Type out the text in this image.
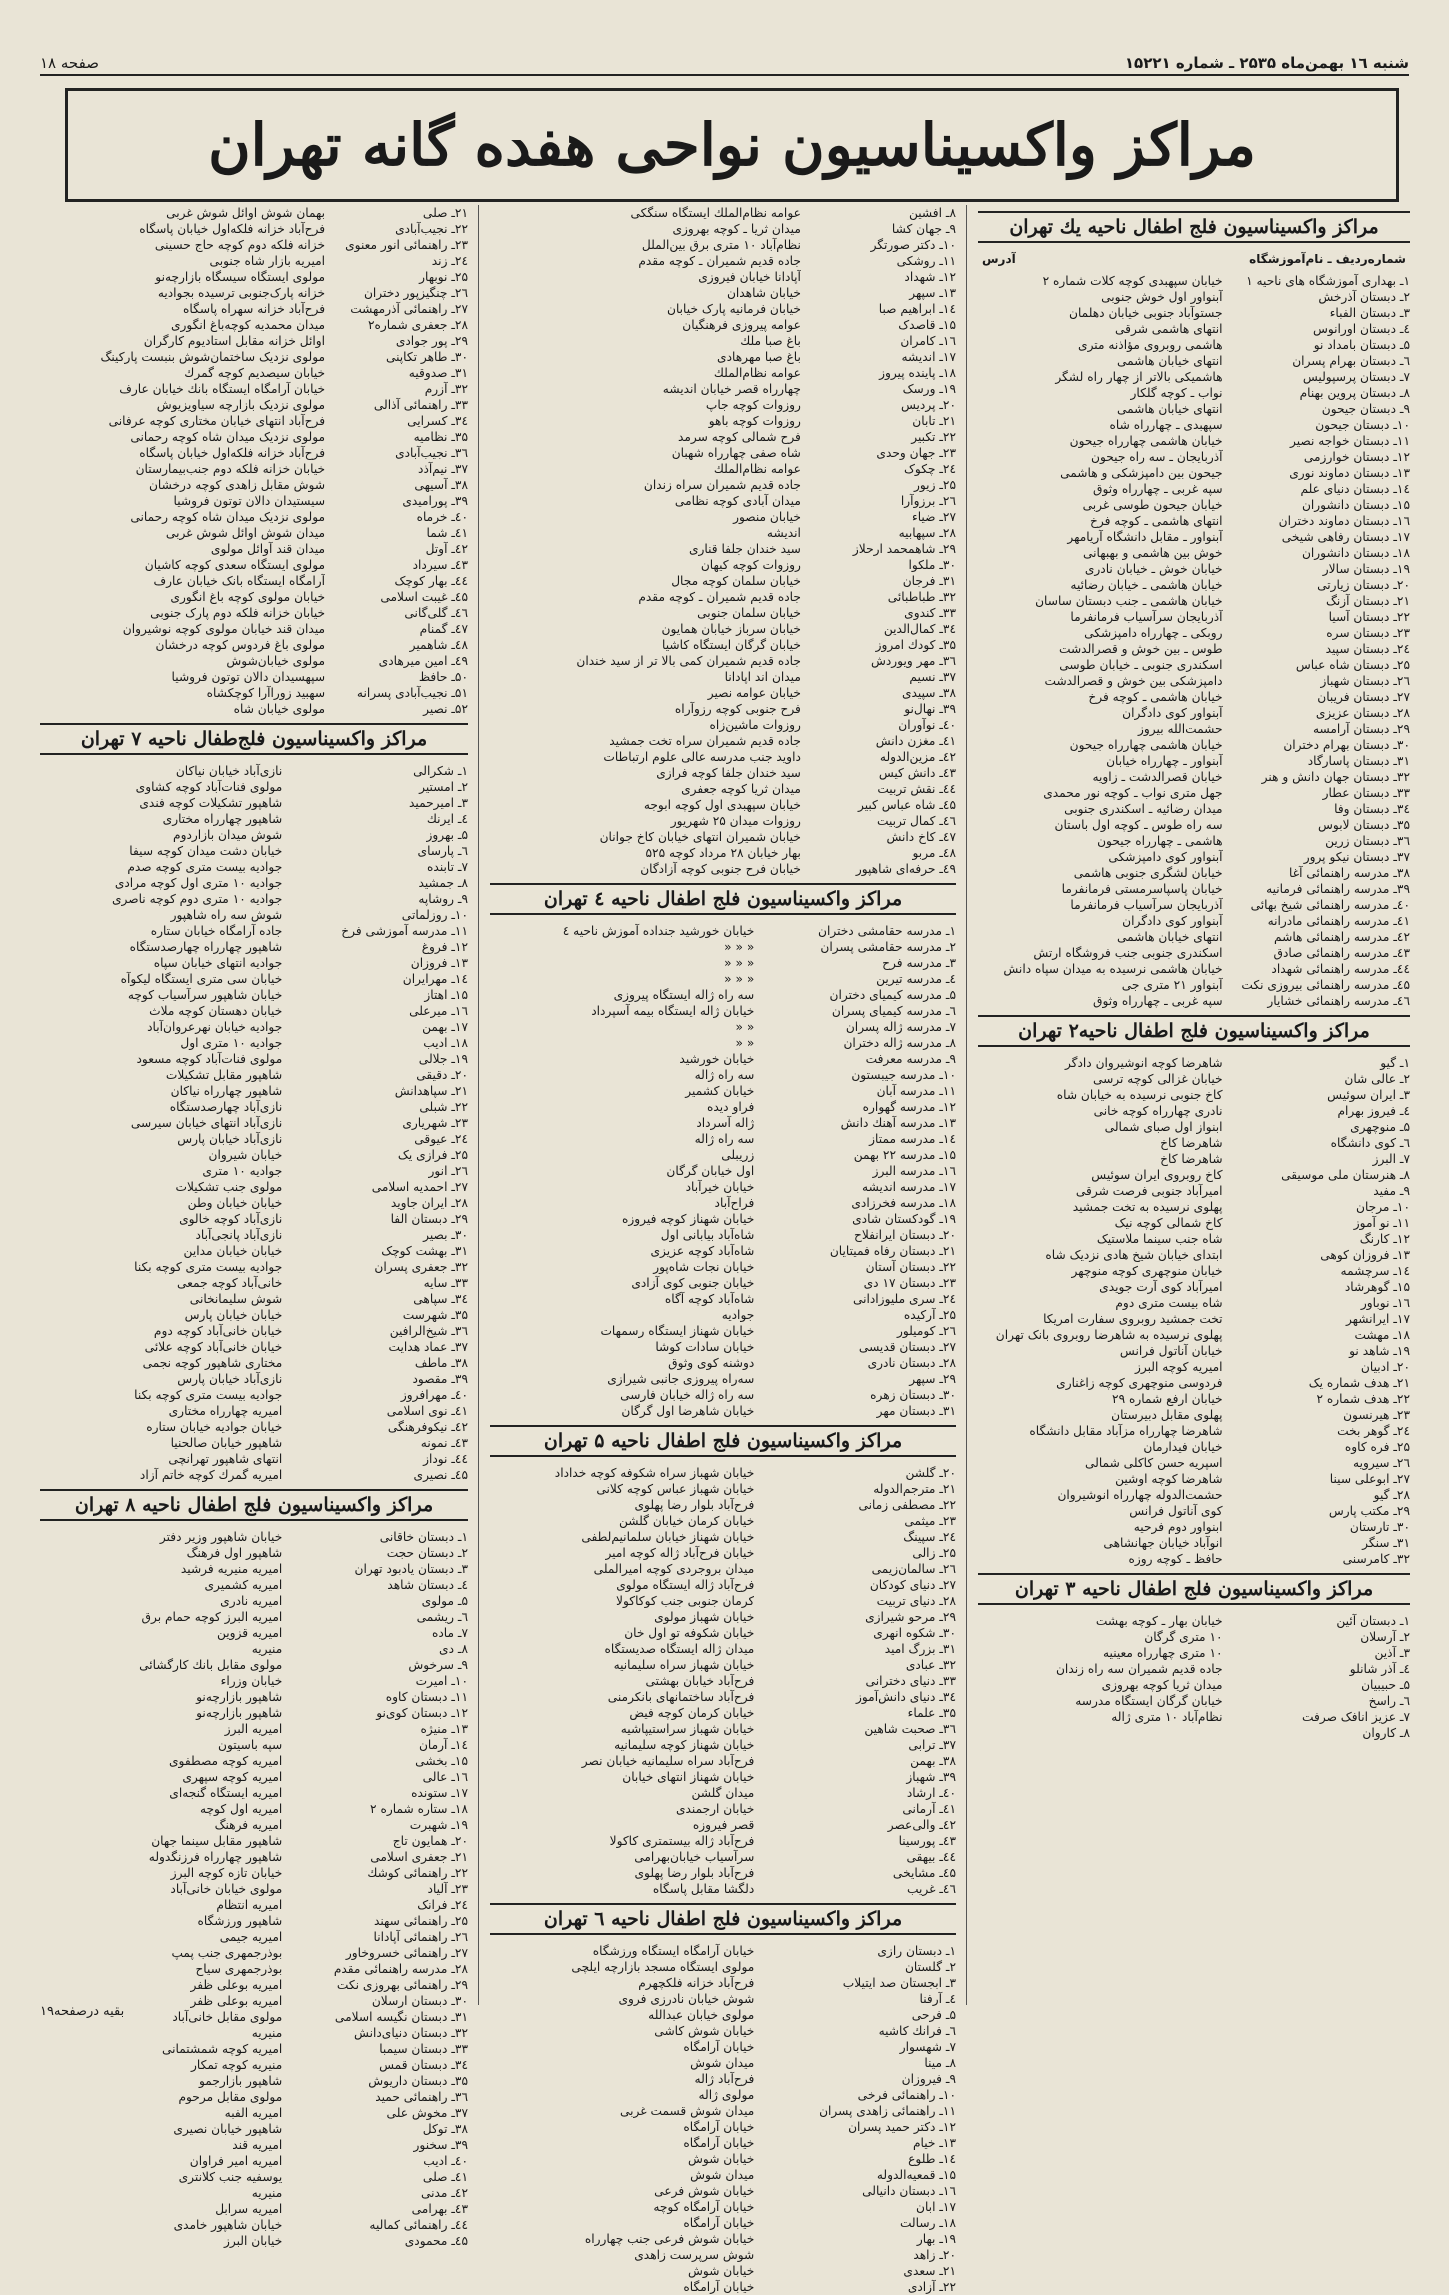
صفحه ۱۸	شنبه ۱٦ بهمن‌ماه ۲۵۳۵ ـ شماره ۱۵۲۲۱
مراکز واکسیناسیون نواحی هفده گانه تهران
مراکز واکسیناسیون فلج اطفال ناحیه یك تهران
شماره‌ردیف ـ نام‌آموزشگاه
آدرس
۱ـ بهداری آموزشگاه های ناحیه ۱
خیابان سپهبدی کوچه کلات شماره ۲
۲ـ دبستان آذرخش
آبنواور اول خوش جنوبی
۳ـ دبستان الفباء
جستوآباد جنوبی خیابان دهلمان
٤ـ دبستان اورانوس
انتهای هاشمی شرقی
۵ـ دبستان بامداد نو
هاشمی روبروی مؤاذنه متری
٦ـ دبستان بهرام پسران
انتهای خیابان هاشمی
۷ـ دبستان پرسپولیس
هاشمیکی بالاتر از چهار راه لشگر
۸ـ دبستان پروین بهنام
نواب ـ کوچه گلکار
۹ـ دبستان جیحون
انتهای خیابان هاشمی
۱۰ـ دبستان جیحون
سپهبدی ـ چهارراه شاه
۱۱ـ دبستان خواجه نصیر
خیابان هاشمی چهارراه جیحون
۱۲ـ دبستان خوارزمی
آذربایجان ـ سه راه جیحون
۱۳ـ دبستان دماوند نوری
جیحون بین دامپزشکی و هاشمی
۱٤ـ دبستان دنیای علم
سپه غربی ـ چهارراه وثوق
۱۵ـ دبستان دانشوران
خیابان جیحون طوسی غربی
۱٦ـ دبستان دماوند دختران
انتهای هاشمی ـ کوچه فرخ
۱۷ـ دبستان رفاهی شیخی
آبنواور ـ مقابل دانشگاه آریامهر
۱۸ـ دبستان دانشوران
خوش بین هاشمی و بهبهانی
۱۹ـ دبستان سالار
خیابان خوش ـ خیابان نادری
۲۰ـ دبستان زیارتی
خیابان هاشمی ـ خیابان رضائیه
۲۱ـ دبستان آزنگ
خیابان هاشمی ـ جنب دبستان ساسان
۲۲ـ دبستان آسیا
آذربایجان سرآسیاب فرمانفرما
۲۳ـ دبستان سره
روبکی ـ چهارراه دامپزشکی
۲٤ـ دبستان سپید
طوس ـ بین خوش و قصرالدشت
۲۵ـ دبستان شاه عباس
اسکندری جنوبی ـ خیابان طوسی
۲٦ـ دبستان شهباز
دامپزشکی بین خوش و قصرالدشت
۲۷ـ دبستان فریبان
خیابان هاشمی ـ کوچه فرخ
۲۸ـ دبستان عزیزی
آبنواور کوی دادگران
۲۹ـ دبستان آرامسه
حشمت‌الله بیروز
۳۰ـ دبستان بهرام دختران
خیابان هاشمی چهارراه جیحون
۳۱ـ دبستان پاسارگاد
آبنواور ـ چهارراه خیابان
۳۲ـ دبستان جهان دانش و هنر
خیابان قصرالدشت ـ زاویه
۳۳ـ دبستان عطار
جهل متری نواب ـ کوچه نور محمدی
۳٤ـ دبستان وفا
میدان رضائیه ـ اسکندری جنوبی
۳۵ـ دبستان لابوس
سه راه طوس ـ کوچه اول باستان
۳٦ـ دبستان زرین
هاشمی ـ چهارراه جیحون
۳۷ـ دبستان نیکو پرور
آبنواور کوی دامپزشکی
۳۸ـ مدرسه راهنمائی آغا
خیابان لشگری جنوبی هاشمی
۳۹ـ مدرسه راهنمائی فرمانیه
خیابان پاسپاسرمستی فرمانفرما
٤۰ـ مدرسه راهنمائی شیخ بهائی
آذربایجان سرآسیاب فرمانفرما
٤۱ـ مدرسه راهنمائی مادرانه
آبنواور کوی دادگران
٤۲ـ مدرسه راهنمائی هاشم
انتهای خیابان هاشمی
٤۳ـ مدرسه راهنمائی صادق
اسکندری جنوبی جنب فروشگاه ارتش
٤٤ـ مدرسه راهنمائی شهداد
خیابان هاشمی نرسیده به میدان سپاه دانش
٤۵ـ مدرسه راهنمائی بیروزی نکت
آبنواور ۲۱ متری جی
٤٦ـ مدرسه راهنمائی خشایار
سپه غربی ـ چهارراه وثوق
مراکز واکسیناسیون فلج اطفال ناحیه۲ تهران
۱ـ گیو
شاهرضا کوچه انوشیروان دادگر
۲ـ عالی شان
خیابان غزالی کوچه ترسی
۳ـ ایران سوئیس
کاخ جنوبی نرسیده به خیابان شاه
٤ـ فیروز بهرام
نادری چهارراه کوچه خانی
۵ـ منوچهری
ابنواز اول صبای شمالی
٦ـ کوی دانشگاه
شاهرضا کاخ
۷ـ البرز
شاهرضا کاخ
۸ـ هنرستان ملی موسیقی
کاخ روبروی ایران سوئیس
۹ـ مفید
امیرآباد جنوبی فرصت شرقی
۱۰ـ مرجان
پهلوی نرسیده به تخت جمشید
۱۱ـ نو آموز
کاخ شمالی کوچه نیک
۱۲ـ کارنگ
شاه جنب سینما ملاستیک
۱۳ـ فروزان کوهی
ابتدای خیابان شیخ هادی نزدیک شاه
۱٤ـ سرچشمه
خیابان منوچهری کوچه منوچهر
۱۵ـ گوهرشاد
امیرآباد کوی آرت جویدی
۱٦ـ نوباور
شاه بیست متری دوم
۱۷ـ ایرانشهر
تخت جمشید روبروی سفارت امریکا
۱۸ـ مهشت
پهلوی نرسیده به شاهرضا روبروی بانک تهران
۱۹ـ شاهد نو
خیابان آناتول فرانس
۲۰ـ ادبیان
امیریه کوچه البرز
۲۱ـ هدف شماره یک
فردوسی منوچهری کوچه زاغناری
۲۲ـ هدف شماره ۲
خیابان ارفع شماره ۲۹
۲۳ـ هیرنسون
پهلوی مقابل دبیرستان
۲٤ـ گوهر بخت
شاهرضا چهارراه مزآباد مقابل دانشگاه
۲۵ـ فره کاوه
خیابان فیدارمان
۲٦ـ سیرویه
اسپریه حسن کاکلی شمالی
۲۷ـ ابوعلی سینا
شاهرضا کوچه اوشین
۲۸ـ گیو
حشمت‌الدوله چهارراه انوشیروان
۲۹ـ مکتب پارس
کوی آناتول فرانس
۳۰ـ تارستان
ابنواور دوم فرحیه
۳۱ـ سنگر
انوآباد خیابان جهانشاهی
۳۲ـ کامرسنی
حافظ ـ کوچه روزه
مراکز واکسیناسیون فلج اطفال ناحیه ۳ تهران
۱ـ دبستان آئین
خیابان بهار ـ کوچه بهشت
۲ـ آرسلان
۱۰ متری گرگان
۳ـ آذین
۱۰ متری چهارراه معینیه
٤ـ آذر شانلو
جاده قدیم شمیران سه راه زندان
۵ـ حبیبیان
میدان ثریا کوچه بهروزی
٦ـ راسخ
خیابان گرگان ایستگاه مدرسه
۷ـ عزیز انافک صرفت
نظام‌آباد ۱۰ متری ژاله
۸ـ کاروان
۸ـ افشین
عوامه نظام‌الملك ایستگاه سنگکی
۹ـ جهان کشا
میدان ثریا ـ کوچه بهروزی
۱۰ـ دکتر صورتگر
نظام‌آباد ۱۰ متری برق بین‌الملل
۱۱ـ روشکی
جاده قدیم شمیران ـ کوچه مقدم
۱۲ـ شهداد
آپادانا خیابان فیروزی
۱۳ـ سپهر
خیابان شاهدان
۱٤ـ ابراهیم صبا
خیابان فرمانیه پارک خیابان
۱۵ـ قاصدک
عوامه پیروزی فرهنگیان
۱٦ـ کامران
باغ صبا ملك
۱۷ـ اندیشه
باغ صبا مهرهادی
۱۸ـ پاینده پیروز
عوامه نظام‌الملك
۱۹ـ ورسک
چهارراه قصر خیابان اندیشه
۲۰ـ پردیس
روزوات کوچه جاپ
۲۱ـ تابان
روزوات کوچه باهو
۲۲ـ تکبیر
فرح شمالی کوچه سرمد
۲۳ـ جهان وحدی
شاه صفی چهارراه شهبان
۲٤ـ چکوک
عوامه نظام‌الملك
۲۵ـ زیور
جاده قدیم شمیران سراه زندان
۲٦ـ برزوآرا
میدان آبادی کوچه نظامی
۲۷ـ ضیاء
خیابان منصور
۲۸ـ سپهابیه
اندیشه
۲۹ـ شاهمحمد ارحلاز
سید خندان جلفا قناری
۳۰ـ ملکوا
روزوات کوچه کیهان
۳۱ـ فرجان
خیابان سلمان کوچه مجال
۳۲ـ طباطبائی
جاده قدیم شمیران ـ کوچه مقدم
۳۳ـ کندوی
خیابان سلمان جنوبی
۳٤ـ کمال‌الدین
خیابان سرباز خیابان همایون
۳۵ـ کودك امروز
خیابان گرگان ایستگاه کاشیا
۳٦ـ مهر ویوردش
جاده قدیم شمیران کمی بالا تر از سید خندان
۳۷ـ نسیم
میدان اند اپادانا
۳۸ـ سپیدی
خیابان عوامه نصیر
۳۹ـ نهال‌نو
فرح جنوبی کوچه رزوآراه
٤۰ـ نوآوران
روزوات ماشین‌زاه
٤۱ـ مغزن دانش
جاده قدیم شمیران سراه تخت جمشید
٤۲ـ مزین‌الدوله
داوید جنب مدرسه عالی علوم ارتباطات
٤۳ـ دانش کیس
سید خندان جلفا کوچه فرازی
٤٤ـ نقش تربیت
میدان ثریا کوچه جعفری
٤۵ـ شاه عباس کبیر
خیابان سپهبدی اول کوچه ابوجه
٤٦ـ کمال تربیت
روزوات میدان ۲۵ شهریور
٤۷ـ کاخ دانش
خیابان شمیران انتهای خیابان کاخ جوانان
٤۸ـ مربو
بهار خیابان ۲۸ مرداد کوچه ۵۲۵
٤۹ـ حرفه‌ای شاهپور
خیابان فرح جنوبی کوچه آزادگان
مراکز واکسیناسیون فلج اطفال ناحیه ٤ تهران
۱ـ مدرسه حقامشی دختران
خیابان خورشید جنداده آموزش ناحیه ٤
۲ـ مدرسه حقامشی پسران
« « «
۳ـ مدرسه فرح
« « «
٤ـ مدرسه تیرین
« « «
۵ـ مدرسه کیمیای دختران
سه راه ژاله ایستگاه پیروزی
٦ـ مدرسه کیمیای پسران
خیابان ژاله ایستگاه بیمه آسپرداد
۷ـ مدرسه ژاله پسران
« «
۸ـ مدرسه ژاله دختران
« «
۹ـ مدرسه معرفت
خیابان خورشید
۱۰ـ مدرسه جیبستون
سه راه ژاله
۱۱ـ مدرسه آبان
خیابان کشمیر
۱۲ـ مدرسه گهواره
فراو دیده
۱۳ـ مدرسه آهنك دانش
ژاله آسرداد
۱٤ـ مدرسه ممتاز
سه راه ژاله
۱۵ـ مدرسه ۲۲ بهمن
زریبلی
۱٦ـ مدرسه البرز
اول خیابان گرگان
۱۷ـ مدرسه اندیشه
خیابان خیرآباد
۱۸ـ مدرسه فخرزادی
فراح‌آباد
۱۹ـ گودکستان شادی
خیابان شهناز کوچه فیروزه
۲۰ـ دبستان ایرانفلاح
شاه‌آباد بیابانی اول
۲۱ـ دبستان رفاه فمیتایان
شاه‌آباد کوچه عزیزی
۲۲ـ دبستان آستان
خیابان نجات شاه‌پور
۲۳ـ دبستان ۱۷ دی
خیابان جنوبی کوی آزادی
۲٤ـ سری ملیوزادانی
شاه‌آباد کوچه آگاه
۲۵ـ آرکیده
جوادیه
۲٦ـ کومیلور
خیابان شهناز ایستگاه رسمهات
۲۷ـ دبستان قدیسی
خیابان سادات کوشا
۲۸ـ دبستان نادری
دوشنه کوی وثوق
۲۹ـ سپهر
سه‌راه پیروزی جانبی شیرازی
۳۰ـ دبستان زهره
سه راه ژاله خیابان فارسی
۳۱ـ دبستان مهر
خیابان شاهرضا اول گرگان
مراکز واکسیناسیون فلج اطفال ناحیه ۵ تهران
۲۰ـ گلشن
خیابان شهباز سراه شکوفه کوچه خداداد
۲۱ـ مترجم‌الدوله
خیابان شهباز عباس کوچه کلانی
۲۲ـ مصطفی زمانی
فرح‌آباد بلوار رضا پهلوی
۲۳ـ میثمی
خیابان کرمان خیابان گلشن
۲٤ـ سپینگ
خیابان شهناز خیابان سلمانیم‌لطفی
۲۵ـ زالی
خیابان فرح‌آباد ژاله کوچه امیر
۲٦ـ سالمان‌زیمی
میدان بروجردی کوچه امیرالملی
۲۷ـ دنیای کودکان
فرح‌آباد ژاله ایستگاه مولوی
۲۸ـ دنیای تربیت
کرمان جنوبی جنب کوکاکولا
۲۹ـ مرحو شیرازی
خیابان شهباز مولوی
۳۰ـ شکوه انهری
خیابان شکوفه تو اول خان
۳۱ـ بزرگ امید
میدان ژاله ایستگاه صدیستگاه
۳۲ـ عبادی
خیابان شهباز سراه سلیمانیه
۳۳ـ دنیای دخترانی
فرح‌آباد خیابان بهشتی
۳٤ـ دنیای دانش‌آموز
فرح‌آباد ساختمانهای بانکرمنی
۳۵ـ علماء
خیابان کرمان کوچه فیض
۳٦ـ صحبت شاهین
خیابان شهباز سراستیپاشیه
۳۷ـ ترابی
خیابان شهناز کوچه سلیمانیه
۳۸ـ بهمن
فرح‌آباد سراه سلیمانیه خیابان نصر
۳۹ـ شهباز
خیابان شهناز انتهای خیابان
٤۰ـ ارشاد
میدان گلشن
٤۱ـ آرمانی
خیابان ارجمندی
٤۲ـ والی‌عصر
قصر فیروزه
٤۳ـ پورسینا
فرح‌آباد ژاله بیستمتری کاکولا
٤٤ـ بیهقی
سرآسیاب خیابان‌بهرامی
٤۵ـ مشایخی
فرح‌آباد بلوار رضا پهلوی
٤٦ـ غریب
دلگشا مقابل پاسگاه
مراکز واکسیناسیون فلج اطفال ناحیه ٦ تهران
۱ـ دبستان رازی
خیابان آرامگاه ایستگاه ورزشگاه
۲ـ گلستان
مولوی ایستگاه مسجد بازارچه ایلچی
۳ـ ابجستان صد ایتیلاب
فرح‌آباد خزانه فلکچهرم
٤ـ آرفنا
شوش خیابان نادرزی فروی
۵ـ فرحی
مولوی خیابان عبدالله
٦ـ فرانك کاشیه
خیابان شوش کاشی
۷ـ شهسوار
خیابان آرامگاه
۸ـ مینا
میدان شوش
۹ـ فیروزان
فرح‌آباد ژاله
۱۰ـ راهنمائی فرخی
مولوی ژاله
۱۱ـ راهنمائی زاهدی پسران
میدان شوش قسمت غربی
۱۲ـ دکتر حمید پسران
خیابان آرامگاه
۱۳ـ خیام
خیابان آرامگاه
۱٤ـ طلوع
خیابان شوش
۱۵ـ قمعیه‌الدوله
میدان شوش
۱٦ـ دبستان دانیالی
خیابان شوش فرعی
۱۷ـ ابان
خیابان آرامگاه کوچه
۱۸ـ رسالت
خیابان آرامگاه
۱۹ـ بهار
خیابان شوش فرعی جنب چهارراه
۲۰ـ زاهد
شوش سرپرست زاهدی
۲۱ـ سعدی
خیابان شوش
۲۲ـ آزادی
خیابان آرامگاه
۲۱ـ صلی
بهمان شوش اوائل شوش غربی
۲۲ـ نجیب‌آبادی
فرح‌آباد خزانه فلکه‌اول خیابان پاسگاه
۲۳ـ راهنمائی انور معنوی
خزانه فلکه دوم کوچه حاج حسینی
۲٤ـ زند
امیریه بازار شاه جنوبی
۲۵ـ نوبهار
مولوی ایستگاه سیسگاه بازارچه‌نو
۲٦ـ چنگیزپور دختران
خزانه پارک‌جنوبی ترسیده بجوادیه
۲۷ـ راهنمائی آذرمهشت
فرح‌آباد خزانه سهراه پاسگاه
۲۸ـ جعفری شماره۲
میدان محمدیه کوچه‌باغ انگوری
۲۹ـ پور جوادی
اوائل خزانه مقابل استادیوم کارگران
۳۰ـ طاهر تکاپنی
مولوی نزدیک ساختمان‌شوش بنبست پارکینگ
۳۱ـ صدوقیه
خیابان سیصدیم کوچه گمرك
۳۲ـ آزرم
خیابان آرامگاه ایستگاه بانك خیابان عارف
۳۳ـ راهنمائی آذالی
مولوی نزدیک بازارچه سیاویزیوش
۳٤ـ کسرایی
فرح‌آباد انتهای خیابان مختاری کوچه عرفانی
۳۵ـ نظامیه
مولوی نزدیک میدان شاه کوچه رحمانی
۳٦ـ نجیب‌آبادی
فرح‌آباد خزانه فلکه‌اول خیابان پاسگاه
۳۷ـ نیم‌آذد
خیابان خزانه فلکه دوم جنب‌بیمارستان
۳۸ـ آسیهی
شوش مقابل زاهدی کوچه درخشان
۳۹ـ پورامیدی
سیستیدان دالان توتون فروشیا
٤۰ـ خرماه
مولوی نزدیک میدان شاه کوچه رحمانی
٤۱ـ شما
میدان شوش اوائل شوش غربی
٤۲ـ آوتل
میدان قند آوائل مولوی
٤۳ـ سیرداد
مولوی ایستگاه سعدی کوچه کاشیان
٤٤ـ بهار کوچک
آرامگاه ایستگاه بانک خیابان عارف
٤۵ـ غیبت اسلامی
خیابان مولوی کوچه باغ انگوری
٤٦ـ گلی‌گانی
خیابان خزانه فلکه دوم پارک جنوبی
٤۷ـ گمنام
میدان قند خیابان مولوی کوچه نوشیروان
٤۸ـ شاهمیر
مولوی باغ فردوس کوچه درخشان
٤۹ـ امین میرهادی
مولوی خیابان‌شوش
۵۰ـ حافظ
سپهسیدان دالان توتون فروشیا
۵۱ـ نجیب‌آبادی پسرانه
سهبید زوراآرا کوچکشاه
۵۲ـ نصیر
مولوی خیابان شاه
مراکز واکسیناسیون فلج‌طفال ناحیه ۷ تهران
۱ـ شکرالی
نازی‌آباد خیابان نیاکان
۲ـ امستیر
مولوی فنات‌آباد کوچه کشاوی
۳ـ امیرحمید
شاهپور تشکیلات کوچه فندی
٤ـ ایرنك
شاهپور چهارراه مختاری
۵ـ بهروز
شوش میدان بازاردوم
٦ـ پارسای
خیابان دشت میدان کوچه سیفا
۷ـ تابنده
جوادیه بیست متری کوچه صدم
۸ـ جمشید
جوادیه ۱۰ متری اول کوچه مرادی
۹ـ روشاپه
جوادیه ۱۰ متری دوم کوچه ناصری
۱۰ـ روزلماتی
شوش سه راه شاهپور
۱۱ـ مدرسه آموزشی فرخ
جاده آرامگاه خیابان ستاره
۱۲ـ فروغ
شاهپور چهارراه چهارصدستگاه
۱۳ـ فروزان
جوادیه انتهای خیابان سپاه
۱٤ـ مهرایران
خیابان سی متری ایستگاه لیکوآه
۱۵ـ اهتاز
خیابان شاهپور سرآسیاب کوچه
۱٦ـ میرعلی
خیابان دهستان کوچه ملاث
۱۷ـ بهمن
جوادیه خیابان نهرعروان‌آباد
۱۸ـ ادیب
جوادیه ۱۰ متری اول
۱۹ـ جلالی
مولوی فنات‌آباد کوچه مسعود
۲۰ـ دقیقی
شاهپور مقابل تشکیلات
۲۱ـ سپاهدانش
شاهپور چهارراه نیاکان
۲۲ـ شبلی
نازی‌آباد چهارصدستگاه
۲۳ـ شهریاری
نازی‌آباد انتهای خیابان سیرسی
۲٤ـ عیوقی
نازی‌آباد خیابان پارس
۲۵ـ فرازی یک
خیابان شیروان
۲٦ـ انور
جوادیه ۱۰ متری
۲۷ـ احمدیه اسلامی
مولوی جنب تشکیلات
۲۸ـ ایران جاوید
خیابان خیابان وطن
۲۹ـ دبستان الفا
نازی‌آباد کوچه خالوی
۳۰ـ بصیر
نازی‌آباد پانجی‌آباد
۳۱ـ بهشت کوچک
خیابان خیابان مداین
۳۲ـ جعفری پسران
جوادیه بیست متری کوچه بکنا
۳۳ـ سایه
خانی‌آباد کوچه جمعی
۳٤ـ سپاهی
شوش سلیمانخانی
۳۵ـ شهرست
خیابان خیابان پارس
۳٦ـ شیخ‌الرافین
خیابان خانی‌آباد کوچه دوم
۳۷ـ عماد هدایت
خیابان خانی‌آباد کوچه علائی
۳۸ـ ماطف
مختاری شاهپور کوچه نجمی
۳۹ـ مقصود
نازی‌آباد خیابان پارس
٤۰ـ مهرافروز
جوادیه بیست متری کوچه بکنا
٤۱ـ نوی اسلامی
امیریه چهارراه مختاری
٤۲ـ نیکوفرهنگی
خیابان جوادیه خیابان ستاره
٤۳ـ نمونه
شاهپور خیابان صالحنیا
٤٤ـ نوداز
انتهای شاهپور تهرانچی
٤۵ـ نصیری
امیریه گمرك کوچه خاتم آزاد
مراکز واکسیناسیون فلج اطفال ناحیه ۸ تهران
۱ـ دبستان خاقانی
خیابان شاهپور وزیر دفتر
۲ـ دبستان حجت
شاهپور اول فرهنگ
۳ـ دبستان یادبود تهران
امیریه منیریه فرشید
٤ـ دبستان شاهد
امیریه کشمیری
۵ـ مولوی
امیریه نادری
٦ـ ریشمی
امیریه البرز کوچه حمام برق
۷ـ ماده
امیریه قزوین
۸ـ دی
منیریه
۹ـ سرخوش
مولوی مقابل بانك کارگشائی
۱۰ـ امیرت
خیابان وزراء
۱۱ـ دبستان کاوه
شاهپور بازارچه‌نو
۱۲ـ دبستان کوی‌نو
شاهپور بازارچه‌نو
۱۳ـ منیژه
امیریه البرز
۱٤ـ آرمان
سپه باسیتون
۱۵ـ بخشی
امیریه کوچه مصطفوی
۱٦ـ عالی
امیریه کوچه سپهری
۱۷ـ ستونده
امیریه ایستگاه گنجه‌ای
۱۸ـ ستاره شماره ۲
امیریه اول کوچه
۱۹ـ شهبرت
امیریه فرهنگ
۲۰ـ همایون تاج
شاهپور مقابل سینما جهان
۲۱ـ جعفری اسلامی
شاهپور چهارراه فرزنگدوله
۲۲ـ راهنمائی کوشك
خیابان تازه کوچه البرز
۲۳ـ آلیاد
مولوی خیابان خانی‌آباد
۲٤ـ فرانک
امیریه انتظام
۲۵ـ راهنمائی سهند
شاهپور ورزشگاه
۲٦ـ راهنمائی آپادانا
امیریه جیمی
۲۷ـ راهنمائی خسروخاور
بوذرجمهری جنب پمپ
۲۸ـ مدرسه راهنمائی مقدم
بوذرجمهری سیاح
۲۹ـ راهنمائی بهروزی نکت
امیریه بوعلی ظفر
۳۰ـ دبستان ارسلان
امیریه بوعلی ظفر
۳۱ـ دبستان نگیسه اسلامی
مولوی مقابل خانی‌آباد
۳۲ـ دبستان دنیای‌دانش
منیریه
۳۳ـ دبستان سیمبا
امیریه کوچه شمشتمانی
۳٤ـ دبستان قمس
منیریه کوچه تمکار
۳۵ـ دبستان داریوش
شاهپور بازارجمو
۳٦ـ راهنمائی حمید
مولوی مقابل مرحوم
۳۷ـ مخوش علی
امیریه الفبه
۳۸ـ توکل
شاهپور خیابان نصیری
۳۹ـ سخنور
امیریه قند
٤۰ـ ادیب
امیریه امیر فراوان
٤۱ـ صلی
یوسفیه جنب کلانتری
٤۲ـ مدنی
منیریه
٤۳ـ بهرامی
امیریه سرابل
٤٤ـ راهنمائی کمالیه
خیابان شاهپور خامدی
٤۵ـ محمودی
خیابان البرز
بقیه درصفحه۱۹
